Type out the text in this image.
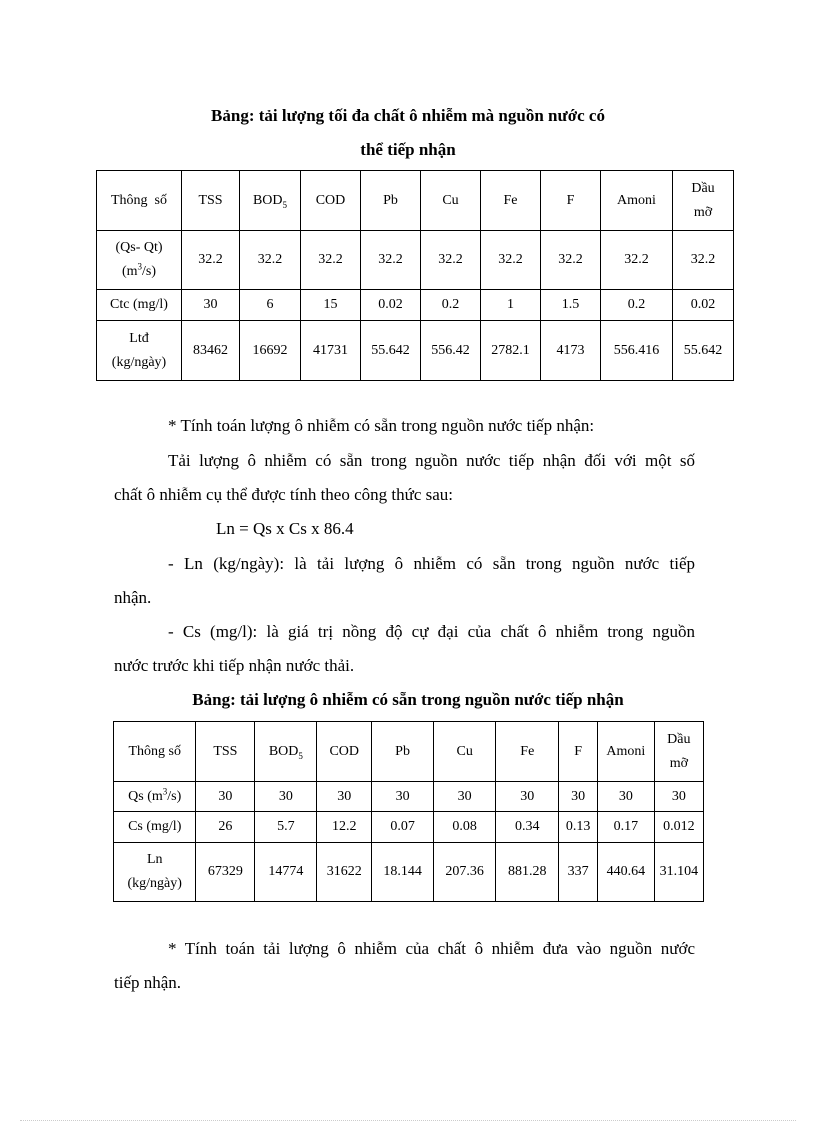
Bảng: tải lượng tối đa chất ô nhiễm mà nguồn nước có
thể tiếp nhận
Thông số	TSS	$BOD_5$	COD	Pb	Cu	Fe	F	Amoni	Dầu
mỡ

(Qs- Qt)
$(m^3/s)$	32.2	32.2	32.2	32.2	32.2	32.2	32.2	32.2	32.2
Ctc (mg/l)	30	6	15	0.02	0.2	1	1.5	0.2	0.02

Ltđ
(kg/ngày)	83462	16692	41731	55.642	556.42	2782.1	4173	556.416	55.642

* Tính toán lượng ô nhiễm có sẵn trong nguồn nước tiếp nhận:

Tải lượng ô nhiễm có sẵn trong nguồn nước tiếp nhận đối với một số

chất ô nhiễm cụ thể được tính theo công thức sau:

Ln = Qs x Cs x 86.4

- Ln (kg/ngày): là tải lượng ô nhiễm có sẵn trong nguồn nước tiếp

nhận.

- Cs (mg/l): là giá trị nồng độ cự đại của chất ô nhiễm trong nguồn

nước trước khi tiếp nhận nước thải.

Bảng: tải lượng ô nhiễm có sẵn trong nguồn nước tiếp nhận
Thông số	TSS	$BOD_5$	COD	Pb	Cu	Fe	F	Amoni	Dầu
mỡ

Qs $(m^3/s)$	30	30	30	30	30	30	30	30	30
Cs (mg/l)	26	5.7	12.2	0.07	0.08	0.34	0.13	0.17	0.012

Ln
(kg/ngày)	67329	14774	31622	18.144	207.36	881.28	337	440.64	31.104

* Tính toán tải lượng ô nhiễm của chất ô nhiễm đưa vào nguồn nước

tiếp nhận.
